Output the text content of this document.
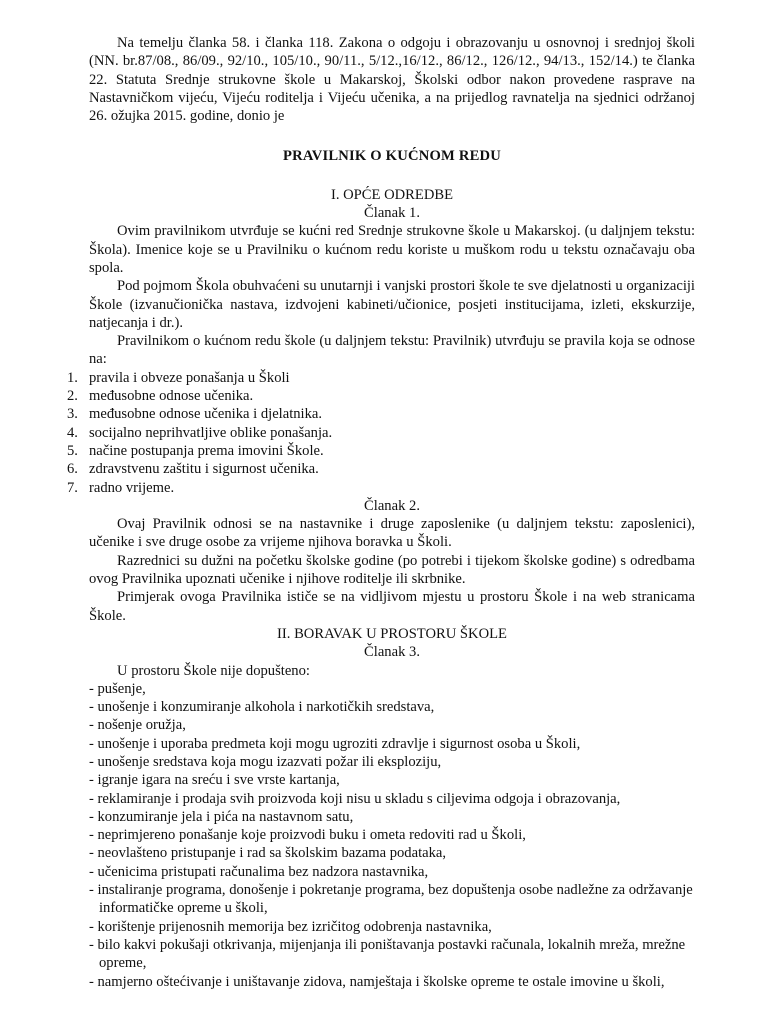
Na temelju članka 58. i članka 118. Zakona o odgoju i obrazovanju u osnovnoj i srednjoj školi (NN. br.87/08., 86/09., 92/10., 105/10., 90/11., 5/12.,16/12., 86/12., 126/12., 94/13., 152/14.) te članka 22. Statuta Srednje strukovne škole u Makarskoj, Školski odbor nakon provedene rasprave na Nastavničkom vijeću, Vijeću roditelja i Vijeću učenika, a na prijedlog ravnatelja na sjednici održanoj 26. ožujka 2015. godine, donio je

PRAVILNIK O KUĆNOM REDU

I. OPĆE ODREDBE

Članak 1.

Ovim pravilnikom utvrđuje se kućni red Srednje strukovne škole u Makarskoj. (u daljnjem tekstu: Škola). Imenice koje se u Pravilniku o kućnom redu koriste u muškom rodu u tekstu označavaju oba spola.

Pod pojmom Škola obuhvaćeni su unutarnji i vanjski prostori škole te sve djelatnosti u organizaciji Škole (izvanučionička nastava, izdvojeni kabineti/učionice, posjeti institucijama, izleti, ekskurzije, natjecanja i dr.).

Pravilnikom o kućnom redu škole (u daljnjem tekstu: Pravilnik) utvrđuju se pravila koja se odnose na:

1. pravila i obveze ponašanja u Školi
2. međusobne odnose učenika.
3. međusobne odnose učenika i djelatnika.
4. socijalno neprihvatljive oblike ponašanja.
5. načine postupanja prema imovini Škole.
6. zdravstvenu zaštitu i sigurnost učenika.
7. radno vrijeme.

Članak 2.

Ovaj Pravilnik odnosi se na nastavnike i druge zaposlenike (u daljnjem tekstu: zaposlenici), učenike i sve druge osobe za vrijeme njihova boravka u Školi.

Razrednici su dužni na početku školske godine (po potrebi i tijekom školske godine) s odredbama ovog Pravilnika upoznati učenike i njihove roditelje ili skrbnike.

Primjerak ovoga Pravilnika ističe se na vidljivom mjestu u prostoru Škole i na web stranicama Škole.

II. BORAVAK U PROSTORU ŠKOLE

Članak 3.

U prostoru Škole nije dopušteno:

- pušenje,
- unošenje i konzumiranje alkohola i narkotičkih sredstava,
- nošenje oružja,
- unošenje i uporaba predmeta koji mogu ugroziti zdravlje i sigurnost osoba u Školi,
- unošenje sredstava koja mogu izazvati požar ili eksploziju,
- igranje igara na sreću i sve vrste kartanja,
- reklamiranje i prodaja svih proizvoda koji nisu u skladu s ciljevima odgoja i obrazovanja,
- konzumiranje jela i pića na nastavnom satu,
- neprimjereno ponašanje koje proizvodi buku i ometa redoviti rad u Školi,
- neovlašteno pristupanje i rad sa školskim bazama podataka,
- učenicima pristupati računalima bez nadzora nastavnika,
- instaliranje programa, donošenje i pokretanje programa, bez dopuštenja osobe nadležne za održavanje informatičke opreme u školi,
- korištenje prijenosnih memorija bez izričitog odobrenja nastavnika,
- bilo kakvi pokušaji otkrivanja, mijenjanja ili poništavanja postavki računala, lokalnih mreža, mrežne opreme,
- namjerno oštećivanje i uništavanje zidova, namještaja i školske opreme te ostale imovine u školi,
